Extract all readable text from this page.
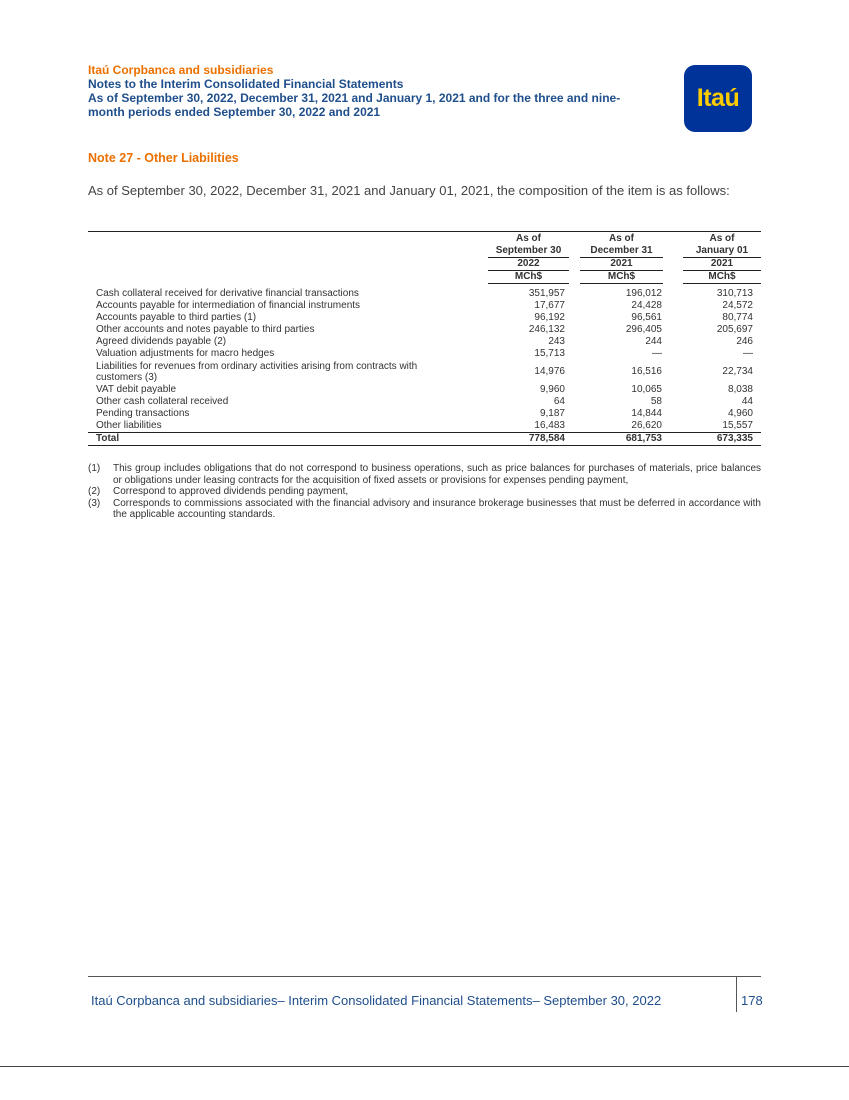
Itaú Corpbanca and subsidiaries
Notes to the Interim Consolidated Financial Statements
As of September 30, 2022, December 31, 2021 and January 1, 2021 and for the three and nine-
month periods ended September 30, 2022 and 2021	Itaú
Note 27 - Other Liabilities
As of September 30, 2022, December 31, 2021 and January 01, 2021, the composition of the item is as follows:
As of
September 30
2022
MCh$
As of
December 31
2021
MCh$
As of
January 01
2021
MCh$
Cash collateral received for derivative financial transactions	351,957	196,012	310,713
Accounts payable for intermediation of financial instruments	17,677	24,428	24,572
Accounts payable to third parties (1)	96,192	96,561	80,774
Other accounts and notes payable to third parties	246,132	296,405	205,697
Agreed dividends payable (2)	243	244	246
Valuation adjustments for macro hedges	15,713	—	—
Liabilities for revenues from ordinary activities arising from contracts with customers (3)
14,976	16,516	22,734
VAT debit payable	9,960	10,065	8,038
Other cash collateral received	64	58	44
Pending transactions	9,187	14,844	4,960
Other liabilities	16,483	26,620	15,557
Total	778,584	681,753	673,335
(1)	This group includes obligations that do not correspond to business operations, such as price balances for purchases of materials, price balances or obligations under leasing contracts for the acquisition of fixed assets or provisions for expenses pending payment,
(2)	Correspond to approved dividends pending payment,
(3)	Corresponds to commissions associated with the financial advisory and insurance brokerage businesses that must be deferred in accordance with the applicable accounting standards.
Itaú Corpbanca and subsidiaries– Interim Consolidated Financial Statements– September 30, 2022	178
